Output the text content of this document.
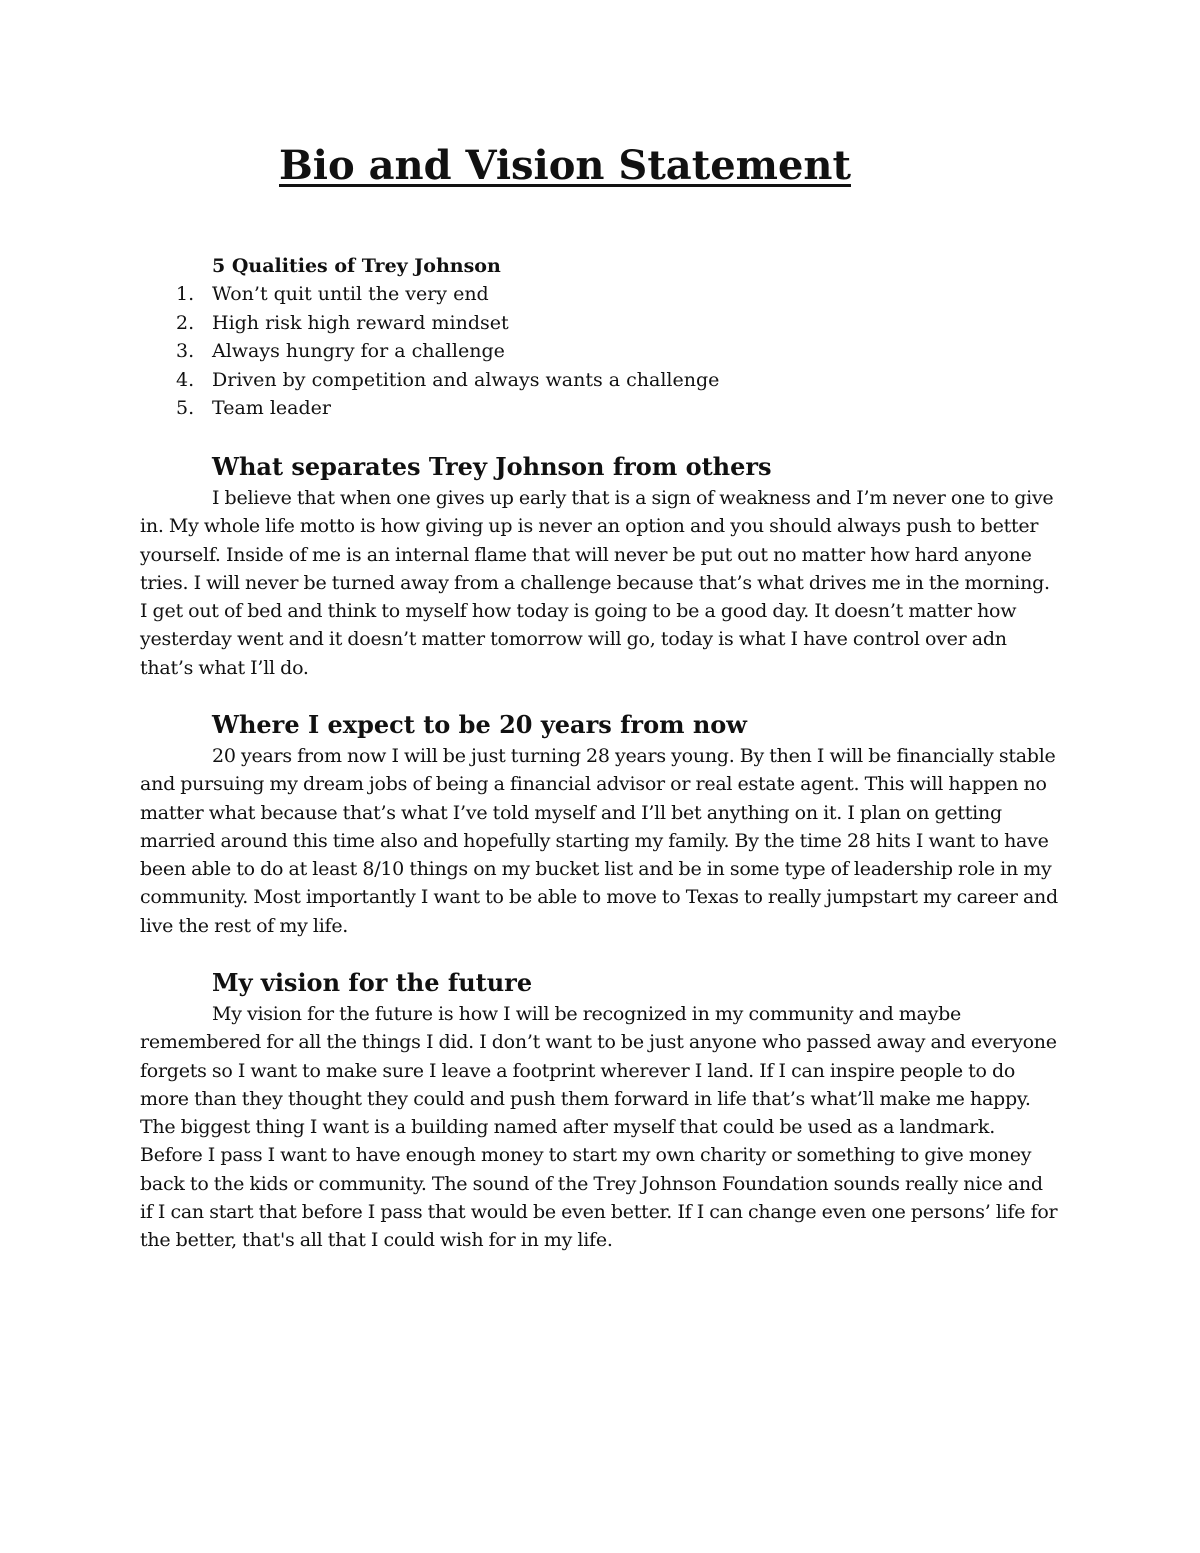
Bio and Vision Statement

5 Qualities of Trey Johnson

1. Won’t quit until the very end
2. High risk high reward mindset
3. Always hungry for a challenge
4. Driven by competition and always wants a challenge
5. Team leader
What separates Trey Johnson from others

I believe that when one gives up early that is a sign of weakness and I’m never one to give in. My whole life motto is how giving up is never an option and you should always push to better yourself. Inside of me is an internal flame that will never be put out no matter how hard anyone tries. I will never be turned away from a challenge because that’s what drives me in the morning. I get out of bed and think to myself how today is going to be a good day. It doesn’t matter how yesterday went and it doesn’t matter tomorrow will go, today is what I have control over adn that’s what I’ll do.

Where I expect to be 20 years from now

20 years from now I will be just turning 28 years young. By then I will be financially stable and pursuing my dream jobs of being a financial advisor or real estate agent. This will happen no matter what because that’s what I’ve told myself and I’ll bet anything on it. I plan on getting married around this time also and hopefully starting my family. By the time 28 hits I want to have been able to do at least 8/10 things on my bucket list and be in some type of leadership role in my community. Most importantly I want to be able to move to Texas to really jumpstart my career and live the rest of my life.

My vision for the future

My vision for the future is how I will be recognized in my community and maybe remembered for all the things I did. I don’t want to be just anyone who passed away and everyone forgets so I want to make sure I leave a footprint wherever I land. If I can inspire people to do more than they thought they could and push them forward in life that’s what’ll make me happy. The biggest thing I want is a building named after myself that could be used as a landmark. Before I pass I want to have enough money to start my own charity or something to give money back to the kids or community. The sound of the Trey Johnson Foundation sounds really nice and if I can start that before I pass that would be even better. If I can change even one persons’ life for the better, that's all that I could wish for in my life.
